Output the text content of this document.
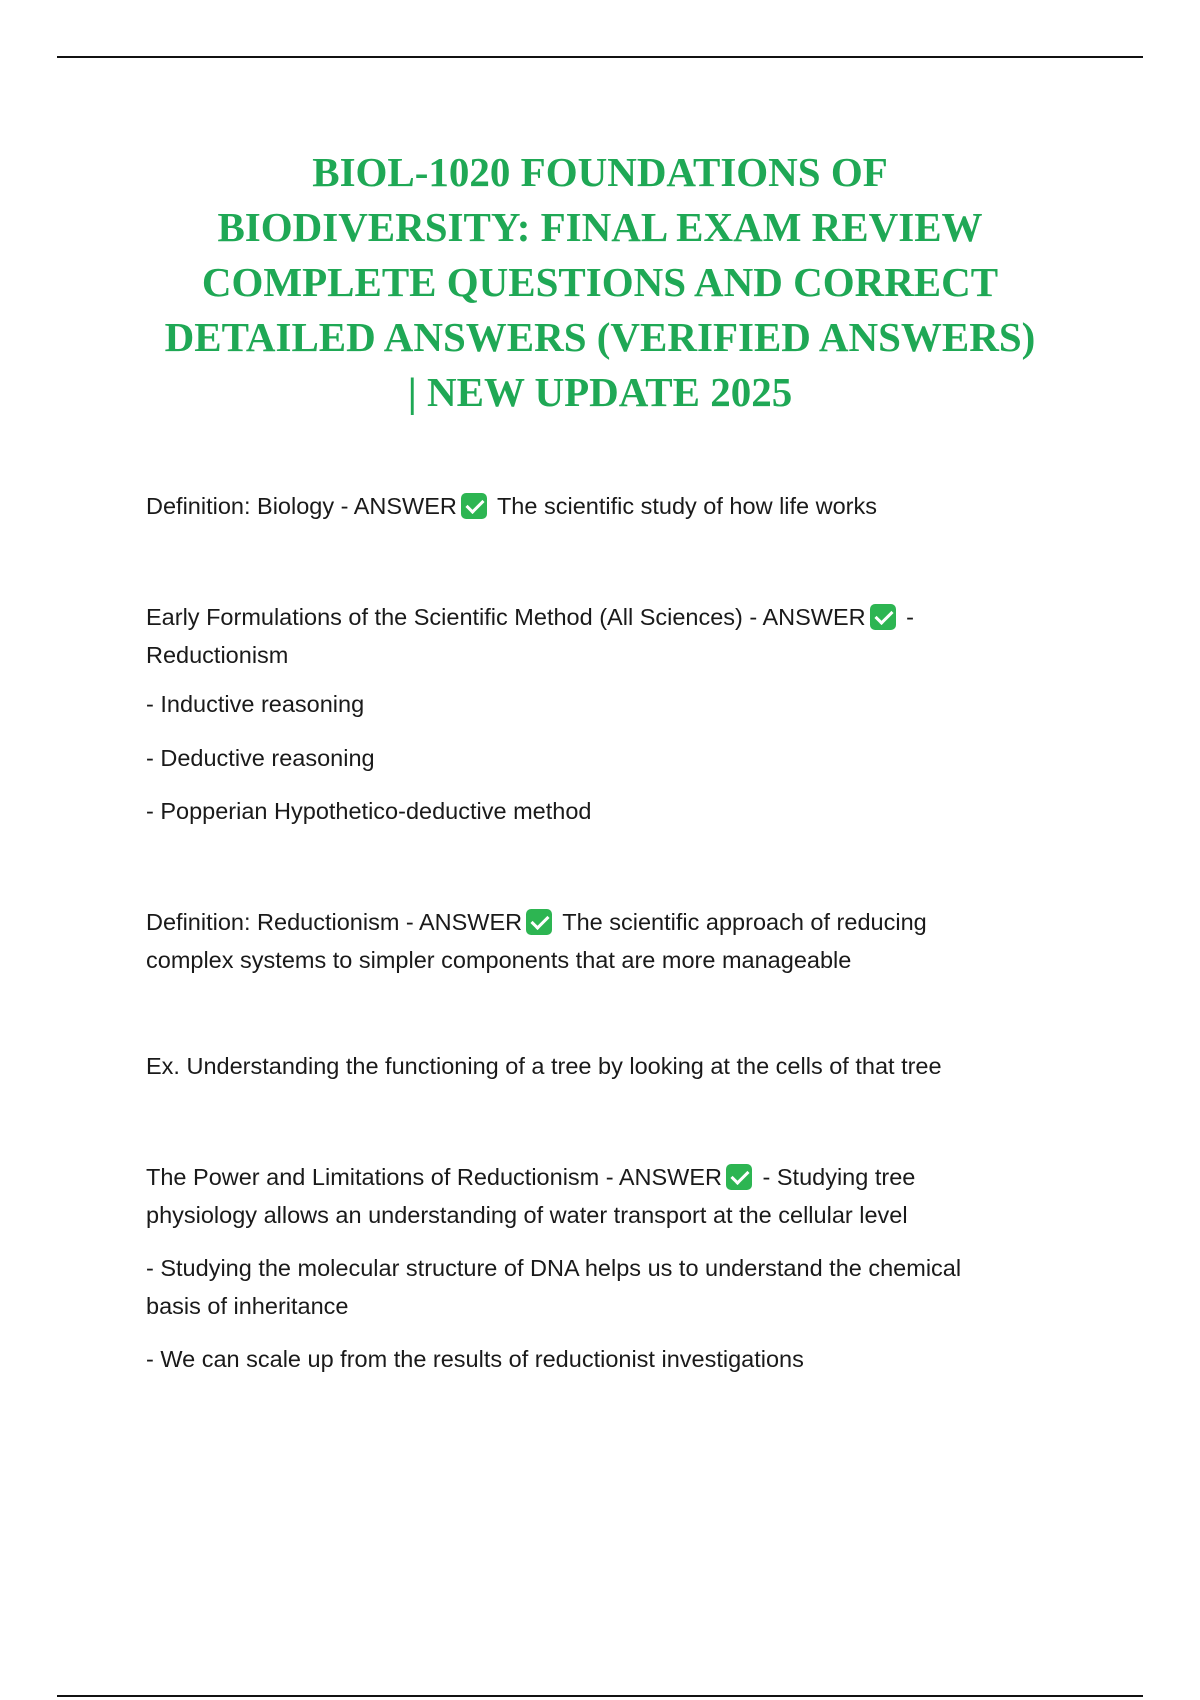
BIOL-1020 FOUNDATIONS OF
BIODIVERSITY: FINAL EXAM REVIEW
COMPLETE QUESTIONS AND CORRECT
DETAILED ANSWERS (VERIFIED ANSWERS)
| NEW UPDATE 2025

Definition: Biology - ANSWER The scientific study of how life works

Early Formulations of the Scientific Method (All Sciences) - ANSWER -
Reductionism

- Inductive reasoning

- Deductive reasoning

- Popperian Hypothetico-deductive method

Definition: Reductionism - ANSWER The scientific approach of reducing
complex systems to simpler components that are more manageable

Ex. Understanding the functioning of a tree by looking at the cells of that tree

The Power and Limitations of Reductionism - ANSWER - Studying tree
physiology allows an understanding of water transport at the cellular level

- Studying the molecular structure of DNA helps us to understand the chemical
basis of inheritance

- We can scale up from the results of reductionist investigations
